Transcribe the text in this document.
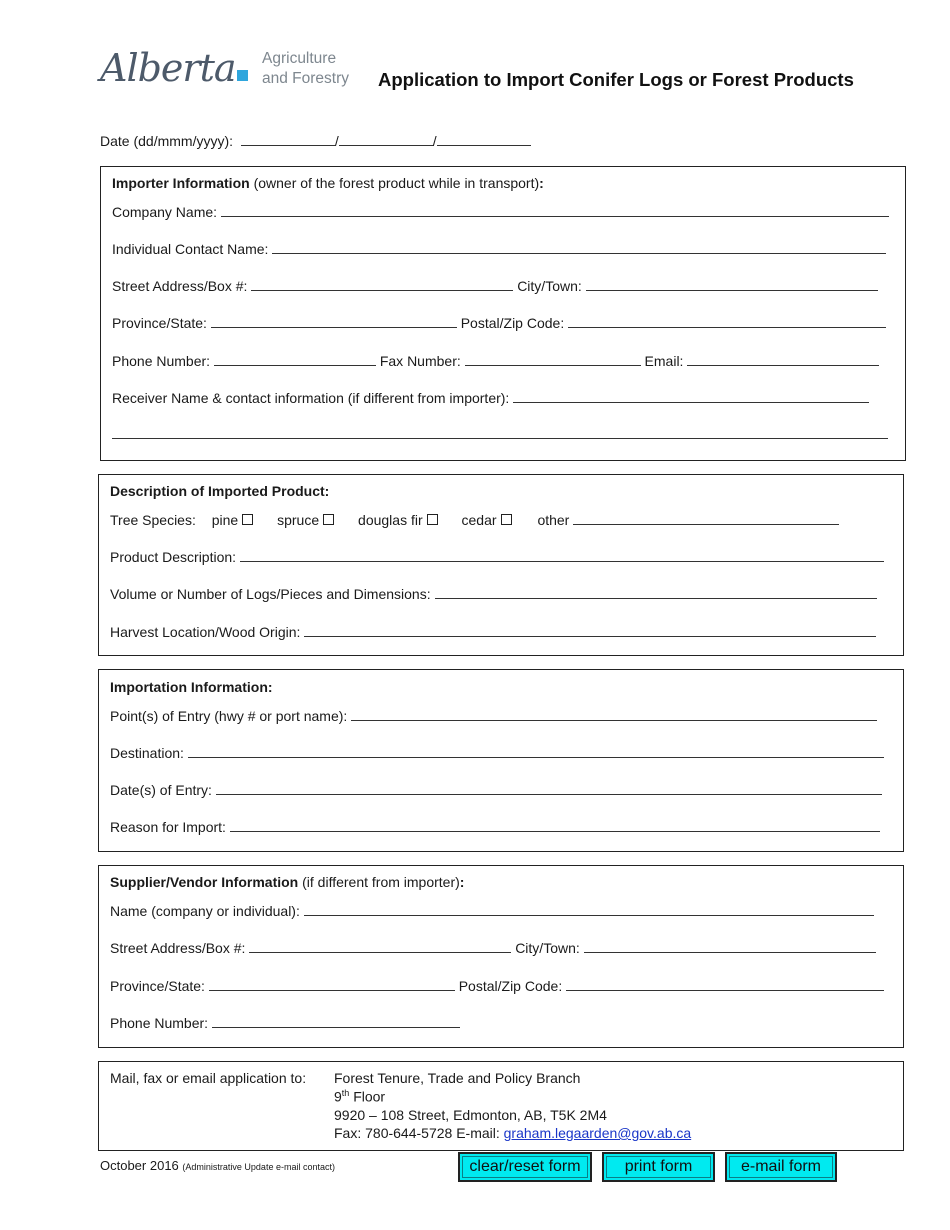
Alberta Agriculture
and Forestry Application to Import Conifer Logs or Forest Products
Date (dd/mmm/yyyy):	/	/
Importer Information (owner of the forest product while in transport):
Company Name:
Individual Contact Name:
Street Address/Box #:	City/Town:
Province/State:	Postal/Zip Code:
Phone Number:	Fax Number:	Email:
Receiver Name & contact information (if different from importer):
Description of Imported Product:
Tree Species: pine	spruce	douglas fir	cedar	other
Product Description:
Volume or Number of Logs/Pieces and Dimensions:
Harvest Location/Wood Origin:
Importation Information:
Point(s) of Entry (hwy # or port name):
Destination:
Date(s) of Entry:
Reason for Import:
Supplier/Vendor Information (if different from importer):
Name (company or individual):
Street Address/Box #:	City/Town:
Province/State:	Postal/Zip Code:
Phone Number:
Mail, fax or email application to: Forest Tenure, Trade and Policy Branch
9th Floor
9920 – 108 Street, Edmonton, AB, T5K 2M4
Fax: 780-644-5728 E-mail: graham.legaarden@gov.ab.ca
October 2016 (Administrative Update e-mail contact)	clear/reset form	print form	e-mail form
